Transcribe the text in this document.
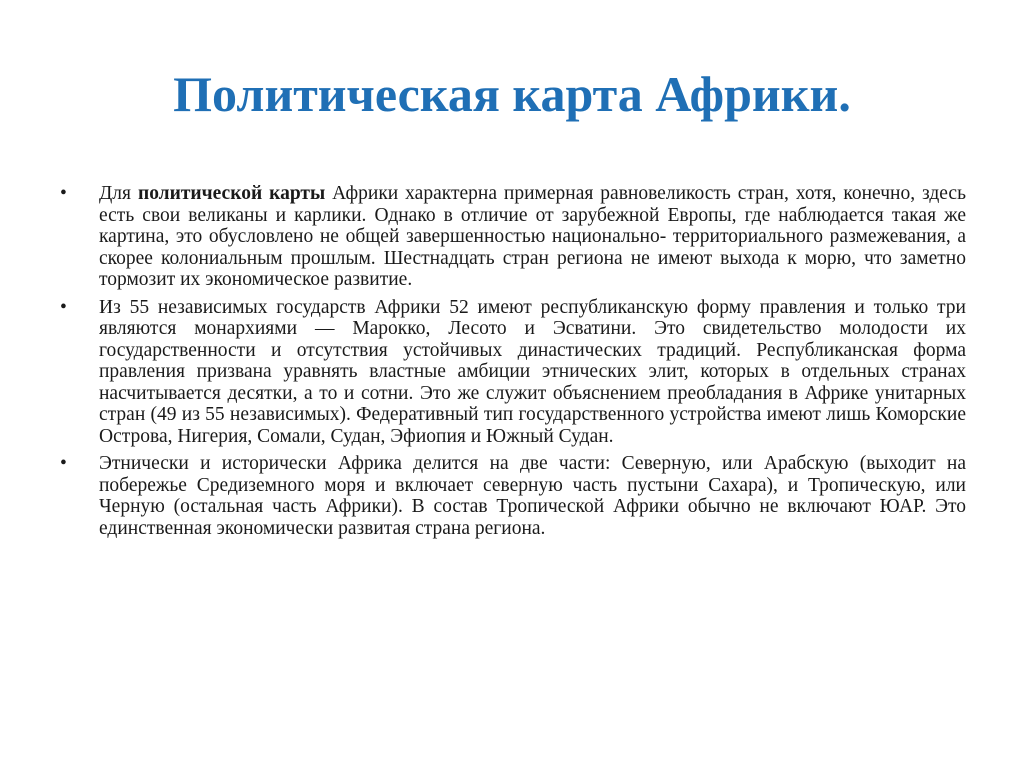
Политическая карта Африки.
•	Для политической карты Африки характерна примерная равновеликость стран, хотя, конечно, здесь есть свои великаны и карлики. Однако в отличие от зарубежной Европы, где наблюдается такая же картина, это обусловлено не общей завершенностью национально- территориального размежевания, а скорее колониальным прошлым. Шестнадцать стран региона не имеют выхода к морю, что заметно тормозит их экономическое развитие.
•	Из 55 независимых государств Африки 52 имеют республиканскую форму правления и только три являются монархиями — Марокко, Лесото и Эсватини. Это свидетельство молодости их государственности и отсутствия устойчивых династических традиций. Республиканская форма правления призвана уравнять властные амбиции этнических элит, которых в отдельных странах насчитывается десятки, а то и сотни. Это же служит объяснением преобладания в Африке унитарных стран (49 из 55 независимых). Федеративный тип государственного устройства имеют лишь Коморские Острова, Нигерия, Сомали, Судан, Эфиопия и Южный Судан.
•	Этнически и исторически Африка делится на две части: Северную, или Арабскую (выходит на побережье Средиземного моря и включает северную часть пустыни Сахара), и Тропическую, или Черную (остальная часть Африки). В состав Тропической Африки обычно не включают ЮАР. Это единственная экономически развитая страна региона.
